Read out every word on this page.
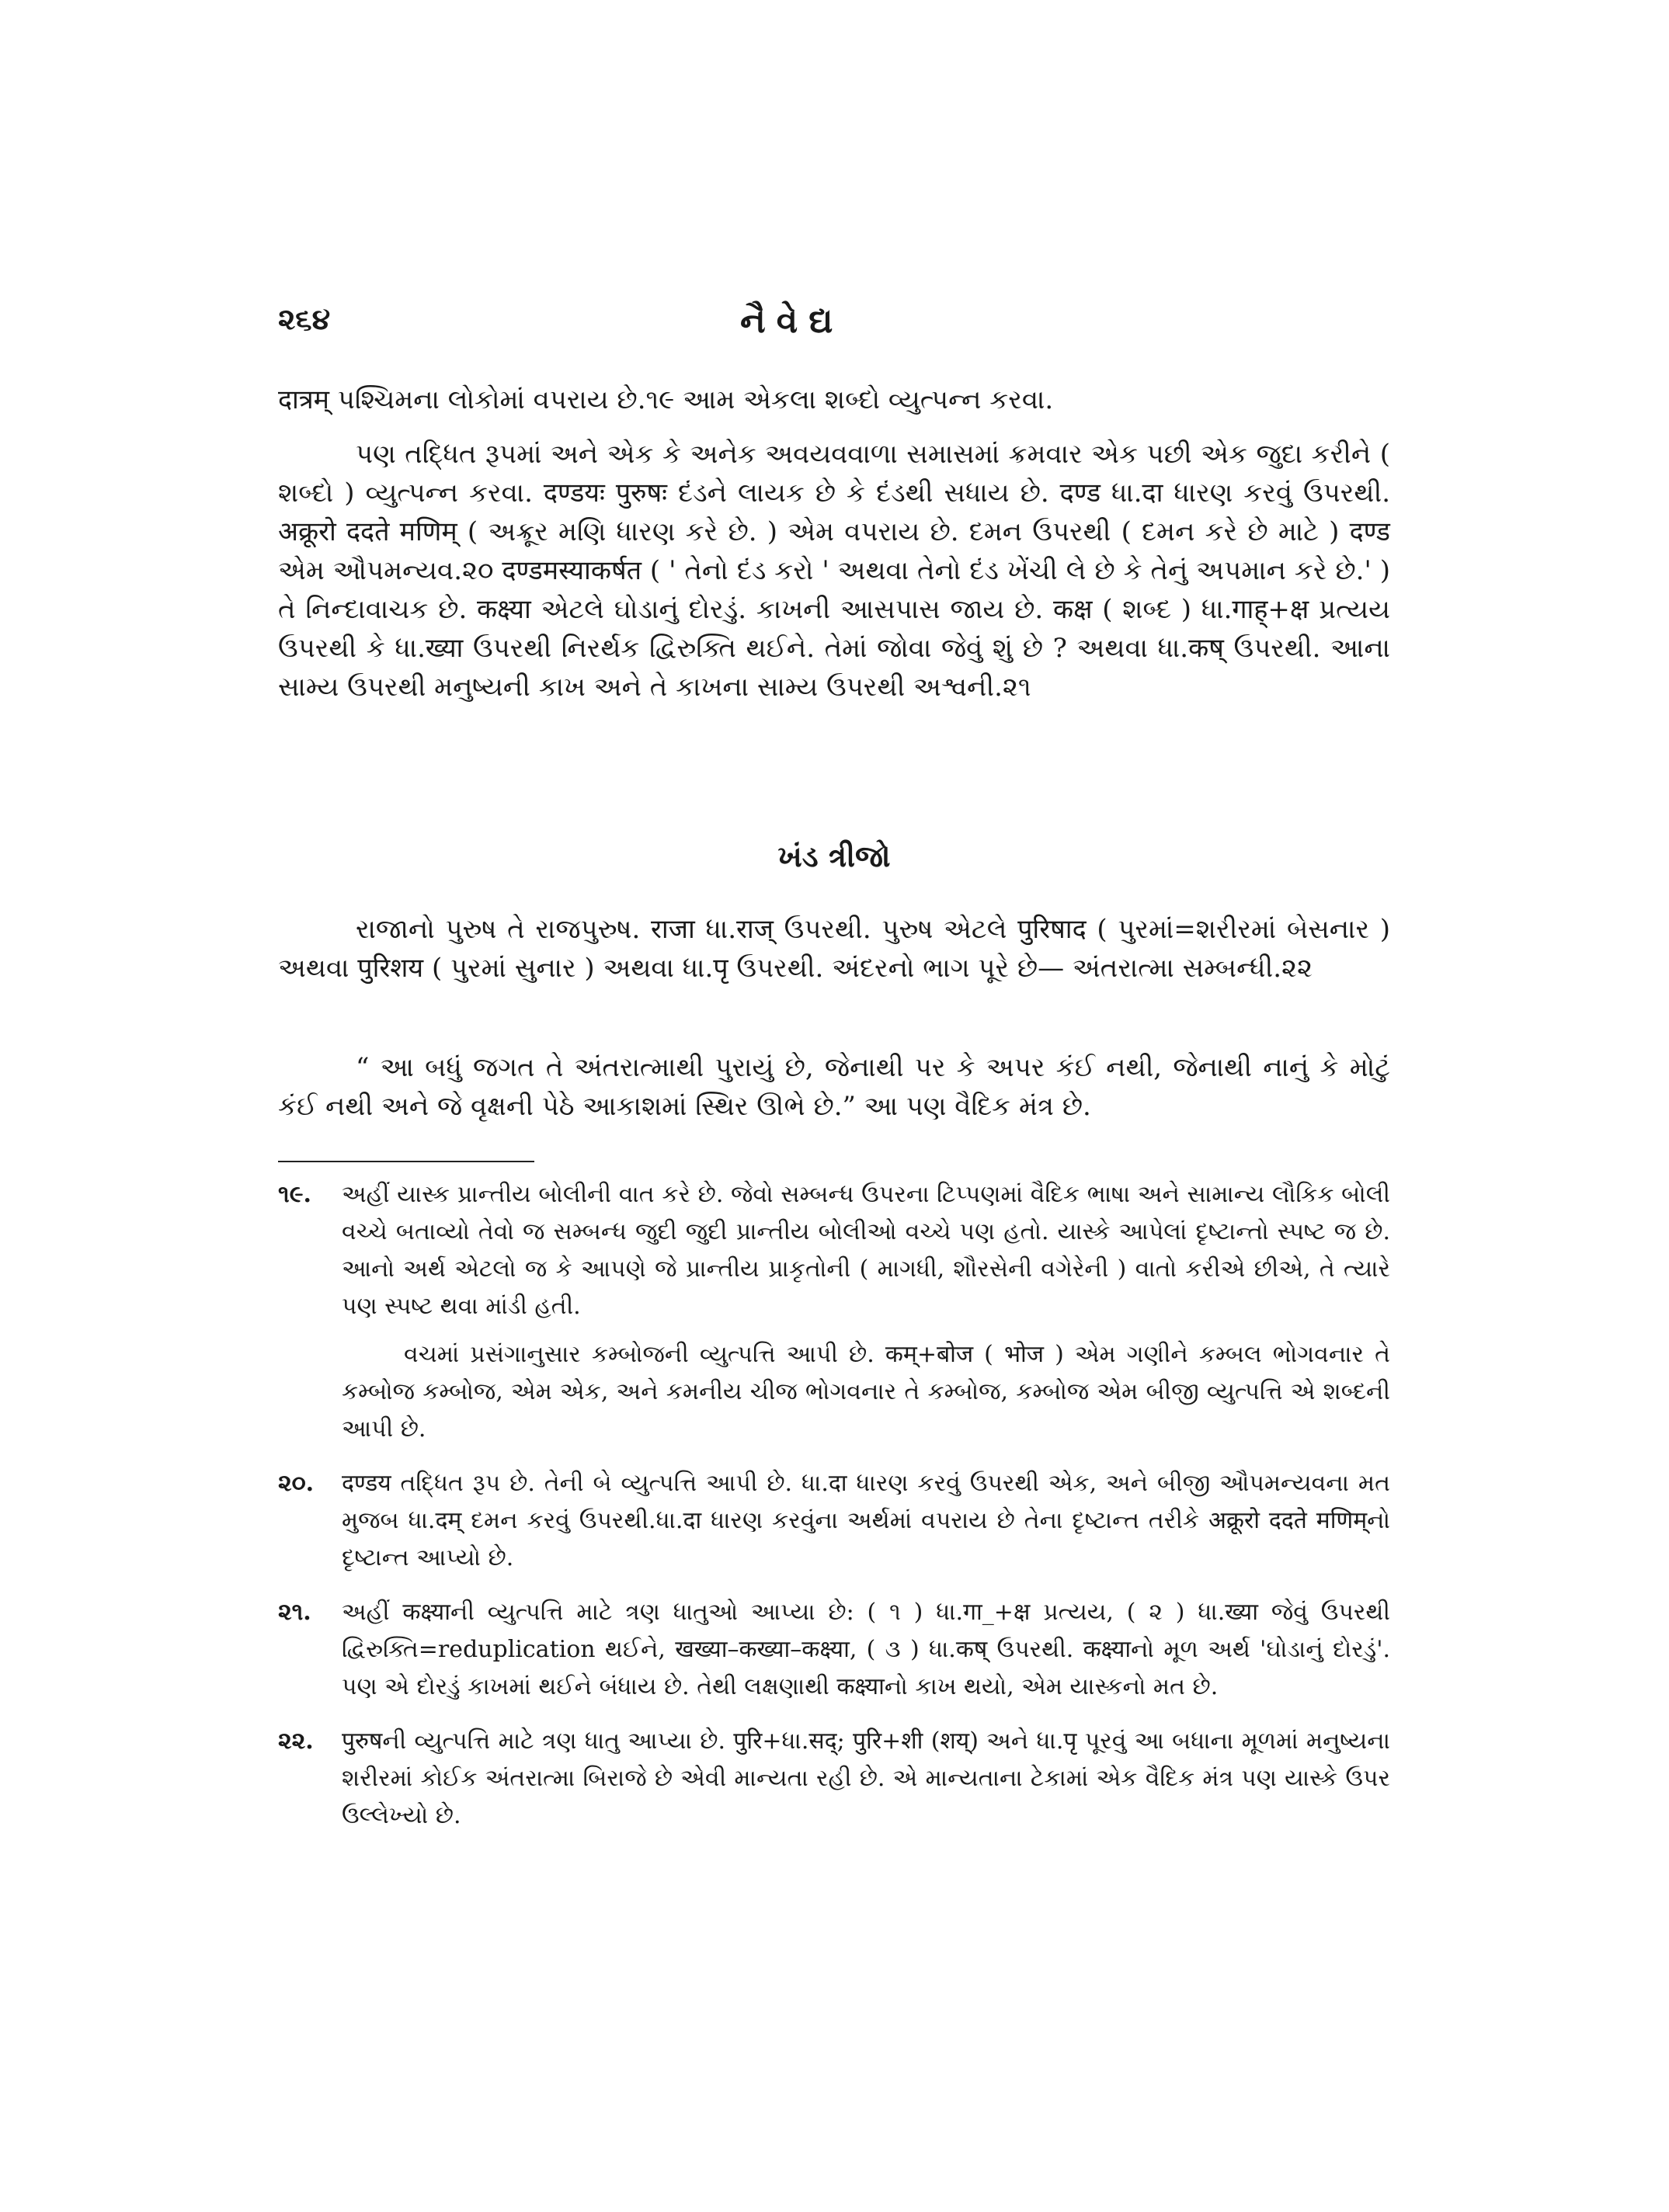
૨૬૪	નૈવેદ્ય

दात्रम् પશ્ચિમના લોકોમાં વપરાય છે.૧૯ આમ એકલા શબ્દો વ્યુત્પન્ન કરવા.

પણ તદ્ધિત રૂપમાં અને એક કે અનેક અવયવવાળા સમાસમાં ક્રમવાર એક પછી એક જુદા કરીને ( શબ્દો ) વ્યુત્પન્ન કરવા. दण्डयः पुरुषः દંડને લાયક છે કે દંડથી સધાય છે. दण्ड ધા.दा ધારણ કરવું ઉપરથી. अक्रूरो ददते मणिम् ( અક્રૂર મણિ ધારણ કરે છે. ) એમ વપરાય છે. દમન ઉપરથી ( દમન કરે છે માટે ) दण्ड એમ ઔપમન્યવ.૨૦ दण्डमस्याकर्षत ( ' તેનો દંડ કરો ' અથવા તેનો દંડ ખેંચી લે છે કે તેનું અપમાન કરે છે.' ) તે નિન્દાવાચક છે. कक्ष्या એટલે ઘોડાનું દોરડું. કાખની આસપાસ જાય છે. कक्ष ( શબ્દ ) ધા.गाह्+क्ष પ્રત્યય ઉપરથી કે ધા.ख्या ઉપરથી નિરર્થક દ્વિરુક્તિ થઈને. તેમાં જોવા જેવું શું છે ? અથવા ધા.कष् ઉપરથી. આના સામ્ય ઉપરથી મનુષ્યની કાખ અને તે કાખના સામ્ય ઉપરથી અશ્વની.૨૧

ખંડ ત્રીજો

રાજાનો પુરુષ તે રાજપુરુષ. राजा ધા.राज् ઉપરથી. પુરુષ એટલે पुरिषाद ( પુરમાં=શરીરમાં બેસનાર ) અથવા पुरिशय ( પુરમાં સુનાર ) અથવા ધા.पृ ઉપરથી. અંદરનો ભાગ પૂરે છે— અંતરાત્મા સમ્બન્ધી.૨૨

“ આ બધું જગત તે અંતરાત્માથી પુરાયું છે, જેનાથી પર કે અપર કંઈ નથી, જેનાથી નાનું કે મોટું કંઈ નથી અને જે વૃક્ષની પેઠે આકાશમાં સ્થિર ઊભે છે.” આ પણ વૈદિક મંત્ર છે.

૧૯. અહીં યાસ્ક પ્રાન્તીય બોલીની વાત કરે છે. જેવો સમ્બન્ધ ઉપરના ટિપ્પણમાં વૈદિક ભાષા અને સામાન્ય લૌકિક બોલી વચ્ચે બતાવ્યો તેવો જ સમ્બન્ધ જુદી જુદી પ્રાન્તીય બોલીઓ વચ્ચે પણ હતો. યાસ્કે આપેલાં દૃષ્ટાન્તો સ્પષ્ટ જ છે. આનો અર્થ એટલો જ કે આપણે જે પ્રાન્તીય પ્રાકૃતોની ( માગધી, શૌરસેની વગેરેની ) વાતો કરીએ છીએ, તે ત્યારે પણ સ્પષ્ટ થવા માંડી હતી.
વચમાં પ્રસંગાનુસાર કમ્બોજની વ્યુત્પત્તિ આપી છે. कम्+बोज ( भोज ) એમ ગણીને કમ્બલ ભોગવનાર તે કમ્બોજ કમ્બોજ, એમ એક, અને કમનીય ચીજ ભોગવનાર તે કમ્બોજ, કમ્બોજ એમ બીજી વ્યુત્પત્તિ એ શબ્દની આપી છે.
૨૦. दण्डय તદ્ધિત રૂપ છે. તેની બે વ્યુત્પત્તિ આપી છે. ધા.दा ધારણ કરવું ઉપરથી એક, અને બીજી ઔપમન્યવના મત મુજબ ધા.दम् દમન કરવું ઉપરથી.ધા.दा ધારણ કરવુંના અર્થમાં વપરાય છે તેના દૃષ્ટાન્ત તરીકે अक्रूरो ददते मणिम्નો દૃષ્ટાન્ત આપ્યો છે.
૨૧. અહીં कक्ष्याની વ્યુત્પત્તિ માટે ત્રણ ધાતુઓ આપ્યા છે: ( ૧ ) ધા.गा_+क्ष પ્રત્યય, ( ૨ ) ધા.ख्या જેવું ઉપરથી દ્વિરુક્તિ=reduplication થઈને, खख्या–कख्या–कक्ष्या, ( ૩ ) ધા.कष् ઉપરથી. कक्ष्याનો મૂળ અર્થ 'ઘોડાનું દોરડું'. પણ એ દોરડું કાખમાં થઈને બંધાય છે. તેથી લક્ષણાથી कक्ष्याનો કાખ થયો, એમ યાસ્કનો મત છે.
૨૨. पुरुषની વ્યુત્પત્તિ માટે ત્રણ ધાતુ આપ્યા છે. पुरि+ધા.सद्; पुरि+शी (शय्) અને ધા.पृ પૂરવું આ બધાના મૂળમાં મનુષ્યના શરીરમાં કોઈક અંતરાત્મા બિરાજે છે એવી માન્યતા રહી છે. એ માન્યતાના ટેકામાં એક વૈદિક મંત્ર પણ યાસ્કે ઉપર ઉલ્લેખ્યો છે.
